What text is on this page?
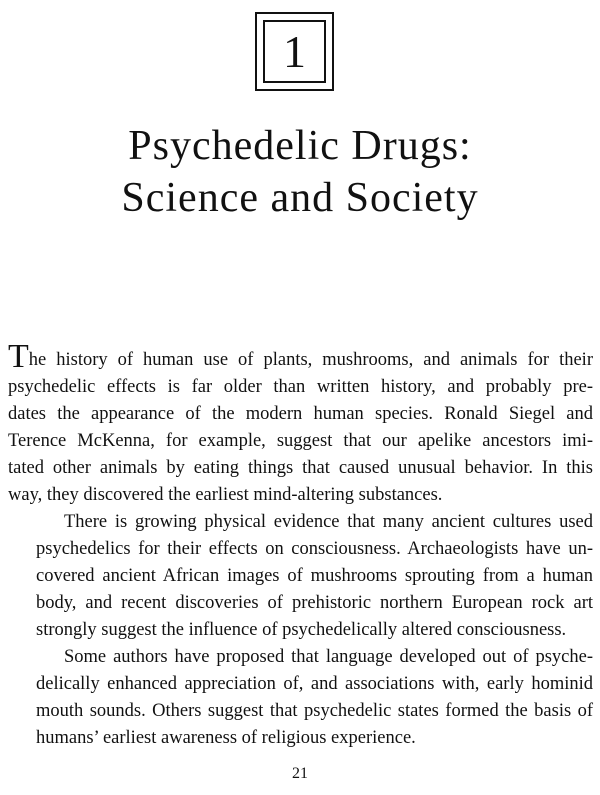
1
Psychedelic Drugs:
Science and Society

The history of human use of plants, mushrooms, and animals for their
psychedelic effects is far older than written history, and probably pre-
dates the appearance of the modern human species. Ronald Siegel and
Terence McKenna, for example, suggest that our apelike ancestors imi-
tated other animals by eating things that caused unusual behavior. In this
way, they discovered the earliest mind-altering substances.

There is growing physical evidence that many ancient cultures used
psychedelics for their effects on consciousness. Archaeologists have un-
covered ancient African images of mushrooms sprouting from a human
body, and recent discoveries of prehistoric northern European rock art
strongly suggest the influence of psychedelically altered consciousness.

Some authors have proposed that language developed out of psyche-
delically enhanced appreciation of, and associations with, early hominid
mouth sounds. Others suggest that psychedelic states formed the basis of
humans’ earliest awareness of religious experience.

21
